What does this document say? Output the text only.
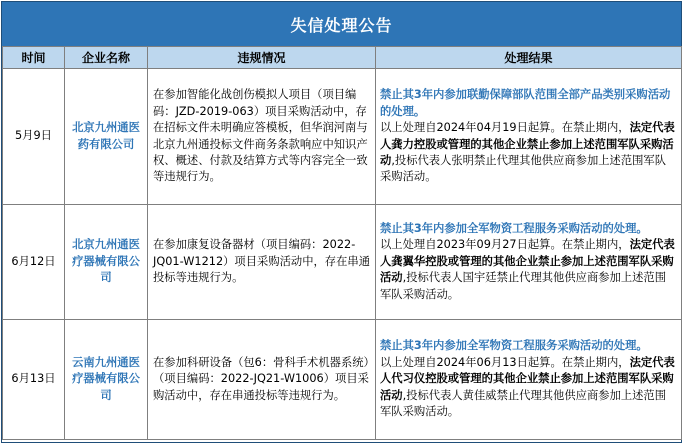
失信处理公告
时间	企业名称	违规情况	处理结果
5月9日	北京九州通医药有限公司	在参加智能化战创伤模拟人项目（项目编码：JZD-2019-063）项目采购活动中，存在招标文件未明确应答模板，但华润河南与北京九州通投标文件商务条款响应中知识产权、概述、付款及结算方式等内容完全一致等违规行为。	禁止其3年内参加联勤保障部队范围全部产品类别采购活动的处理。
以上处理自2024年04月19日起算。在禁止期内，法定代表人龚力控股或管理的其他企业禁止参加上述范围军队采购活动,投标代表人张明禁止代理其他供应商参加上述范围军队采购活动。
6月12日	北京九州通医疗器械有限公司	在参加康复设备器材（项目编码：2022-JQ01-W1212）项目采购活动中，存在串通投标等违规行为。	禁止其3年内参加全军物资工程服务采购活动的处理。
以上处理自2023年09月27日起算。在禁止期内，法定代表人龚翼华控股或管理的其他企业禁止参加上述范围军队采购活动,投标代表人国宇廷禁止代理其他供应商参加上述范围军队采购活动。
6月13日	云南九州通医疗器械有限公司	在参加科研设备（包6：骨科手术机器系统）（项目编码：2022-JQ21-W1006）项目采购活动中，存在串通投标等违规行为。	禁止其3年内参加全军物资工程服务采购活动的处理。
以上处理自2024年06月13日起算。在禁止期内，法定代表人代习仪控股或管理的其他企业禁止参加上述范围军队采购活动,投标代表人黄佳威禁止代理其他供应商参加上述范围军队采购活动。
